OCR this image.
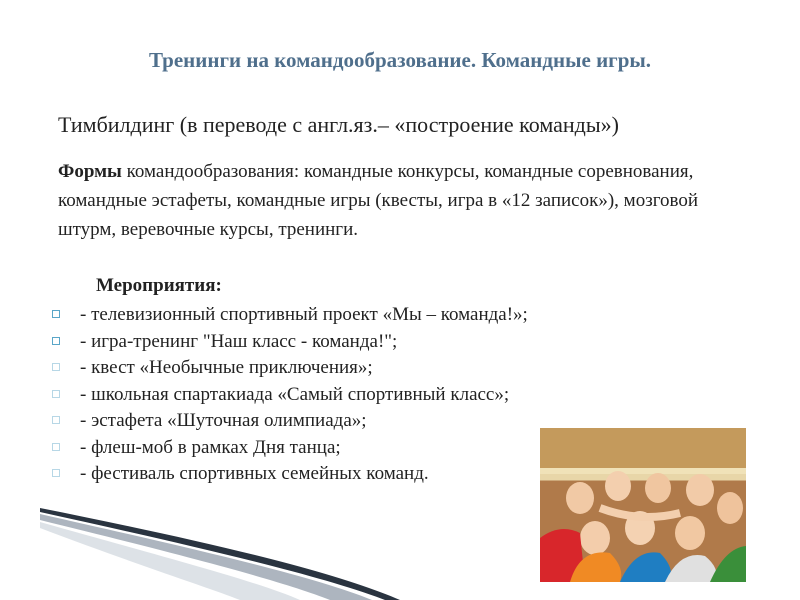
Тренинги на командообразование. Командные игры.
Тимбилдинг (в переводе с англ.яз.– «построение команды»)
Формы командообразования: командные конкурсы, командные соревнования, командные эстафеты, командные игры (квесты, игра в «12 записок»), мозговой штурм, веревочные курсы, тренинги.
Мероприятия:
- телевизионный спортивный проект «Мы – команда!»;
- игра-тренинг "Наш класс - команда!";
- квест «Необычные приключения»;
- школьная спартакиада «Самый спортивный класс»;
- эстафета «Шуточная олимпиада»;
- флеш-моб в рамках Дня танца;
- фестиваль спортивных семейных команд.
